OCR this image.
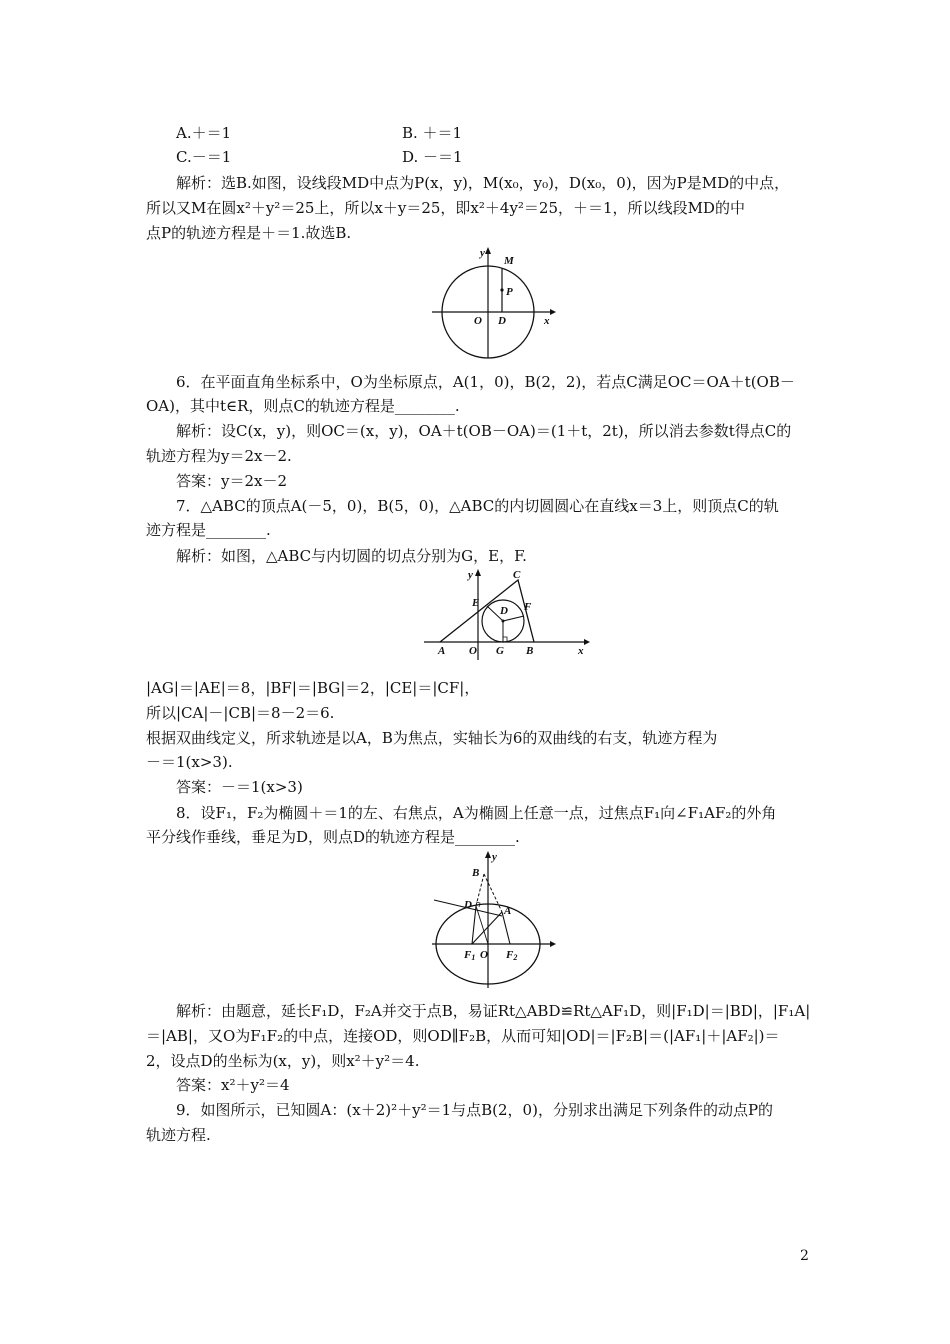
A.＋＝1	B. ＋＝1
C.－＝1	D. －＝1
解析：选B.如图，设线段MD中点为P(x，y)，M(x₀，y₀)，D(x₀，0)，因为P是MD的中点，
所以又M在圆x²＋y²＝25上，所以x＋y＝25，即x²＋4y²＝25，＋＝1，所以线段MD的中
点P的轨迹方程是＋＝1.故选B.
y
M
P
O D	x
6．在平面直角坐标系中，O为坐标原点，A(1，0)，B(2，2)，若点C满足OC＝OA＋t(OB－
OA)，其中t∈R，则点C的轨迹方程是________.
解析：设C(x，y)，则OC＝(x，y)，OA＋t(OB－OA)＝(1＋t，2t)，所以消去参数t得点C的
轨迹方程为y＝2x－2.
答案：y＝2x－2
7．△ABC的顶点A(－5，0)，B(5，0)，△ABC的内切圆圆心在直线x＝3上，则顶点C的轨
迹方程是________.
解析：如图，△ABC与内切圆的切点分别为G，E，F.
y	C
E
D F
A O G B	x
|AG|＝|AE|＝8，|BF|＝|BG|＝2，|CE|＝|CF|，
所以|CA|－|CB|＝8－2＝6.
根据双曲线定义，所求轨迹是以A，B为焦点，实轴长为6的双曲线的右支，轨迹方程为
－＝1(x>3).
答案：－＝1(x>3)
8．设F₁，F₂为椭圆＋＝1的左、右焦点，A为椭圆上任意一点，过焦点F₁向∠F₁AF₂的外角
平分线作垂线，垂足为D，则点D的轨迹方程是________.
y
B
D	A
F1 O F2
解析：由题意，延长F₁D，F₂A并交于点B，易证Rt△ABD≌Rt△AF₁D，则|F₁D|＝|BD|，|F₁A|
＝|AB|，又O为F₁F₂的中点，连接OD，则OD∥F₂B，从而可知|OD|＝|F₂B|＝(|AF₁|＋|AF₂|)＝
2，设点D的坐标为(x，y)，则x²＋y²＝4.
答案：x²＋y²＝4
9．如图所示，已知圆A：(x＋2)²＋y²＝1与点B(2，0)，分别求出满足下列条件的动点P的
轨迹方程.
2
